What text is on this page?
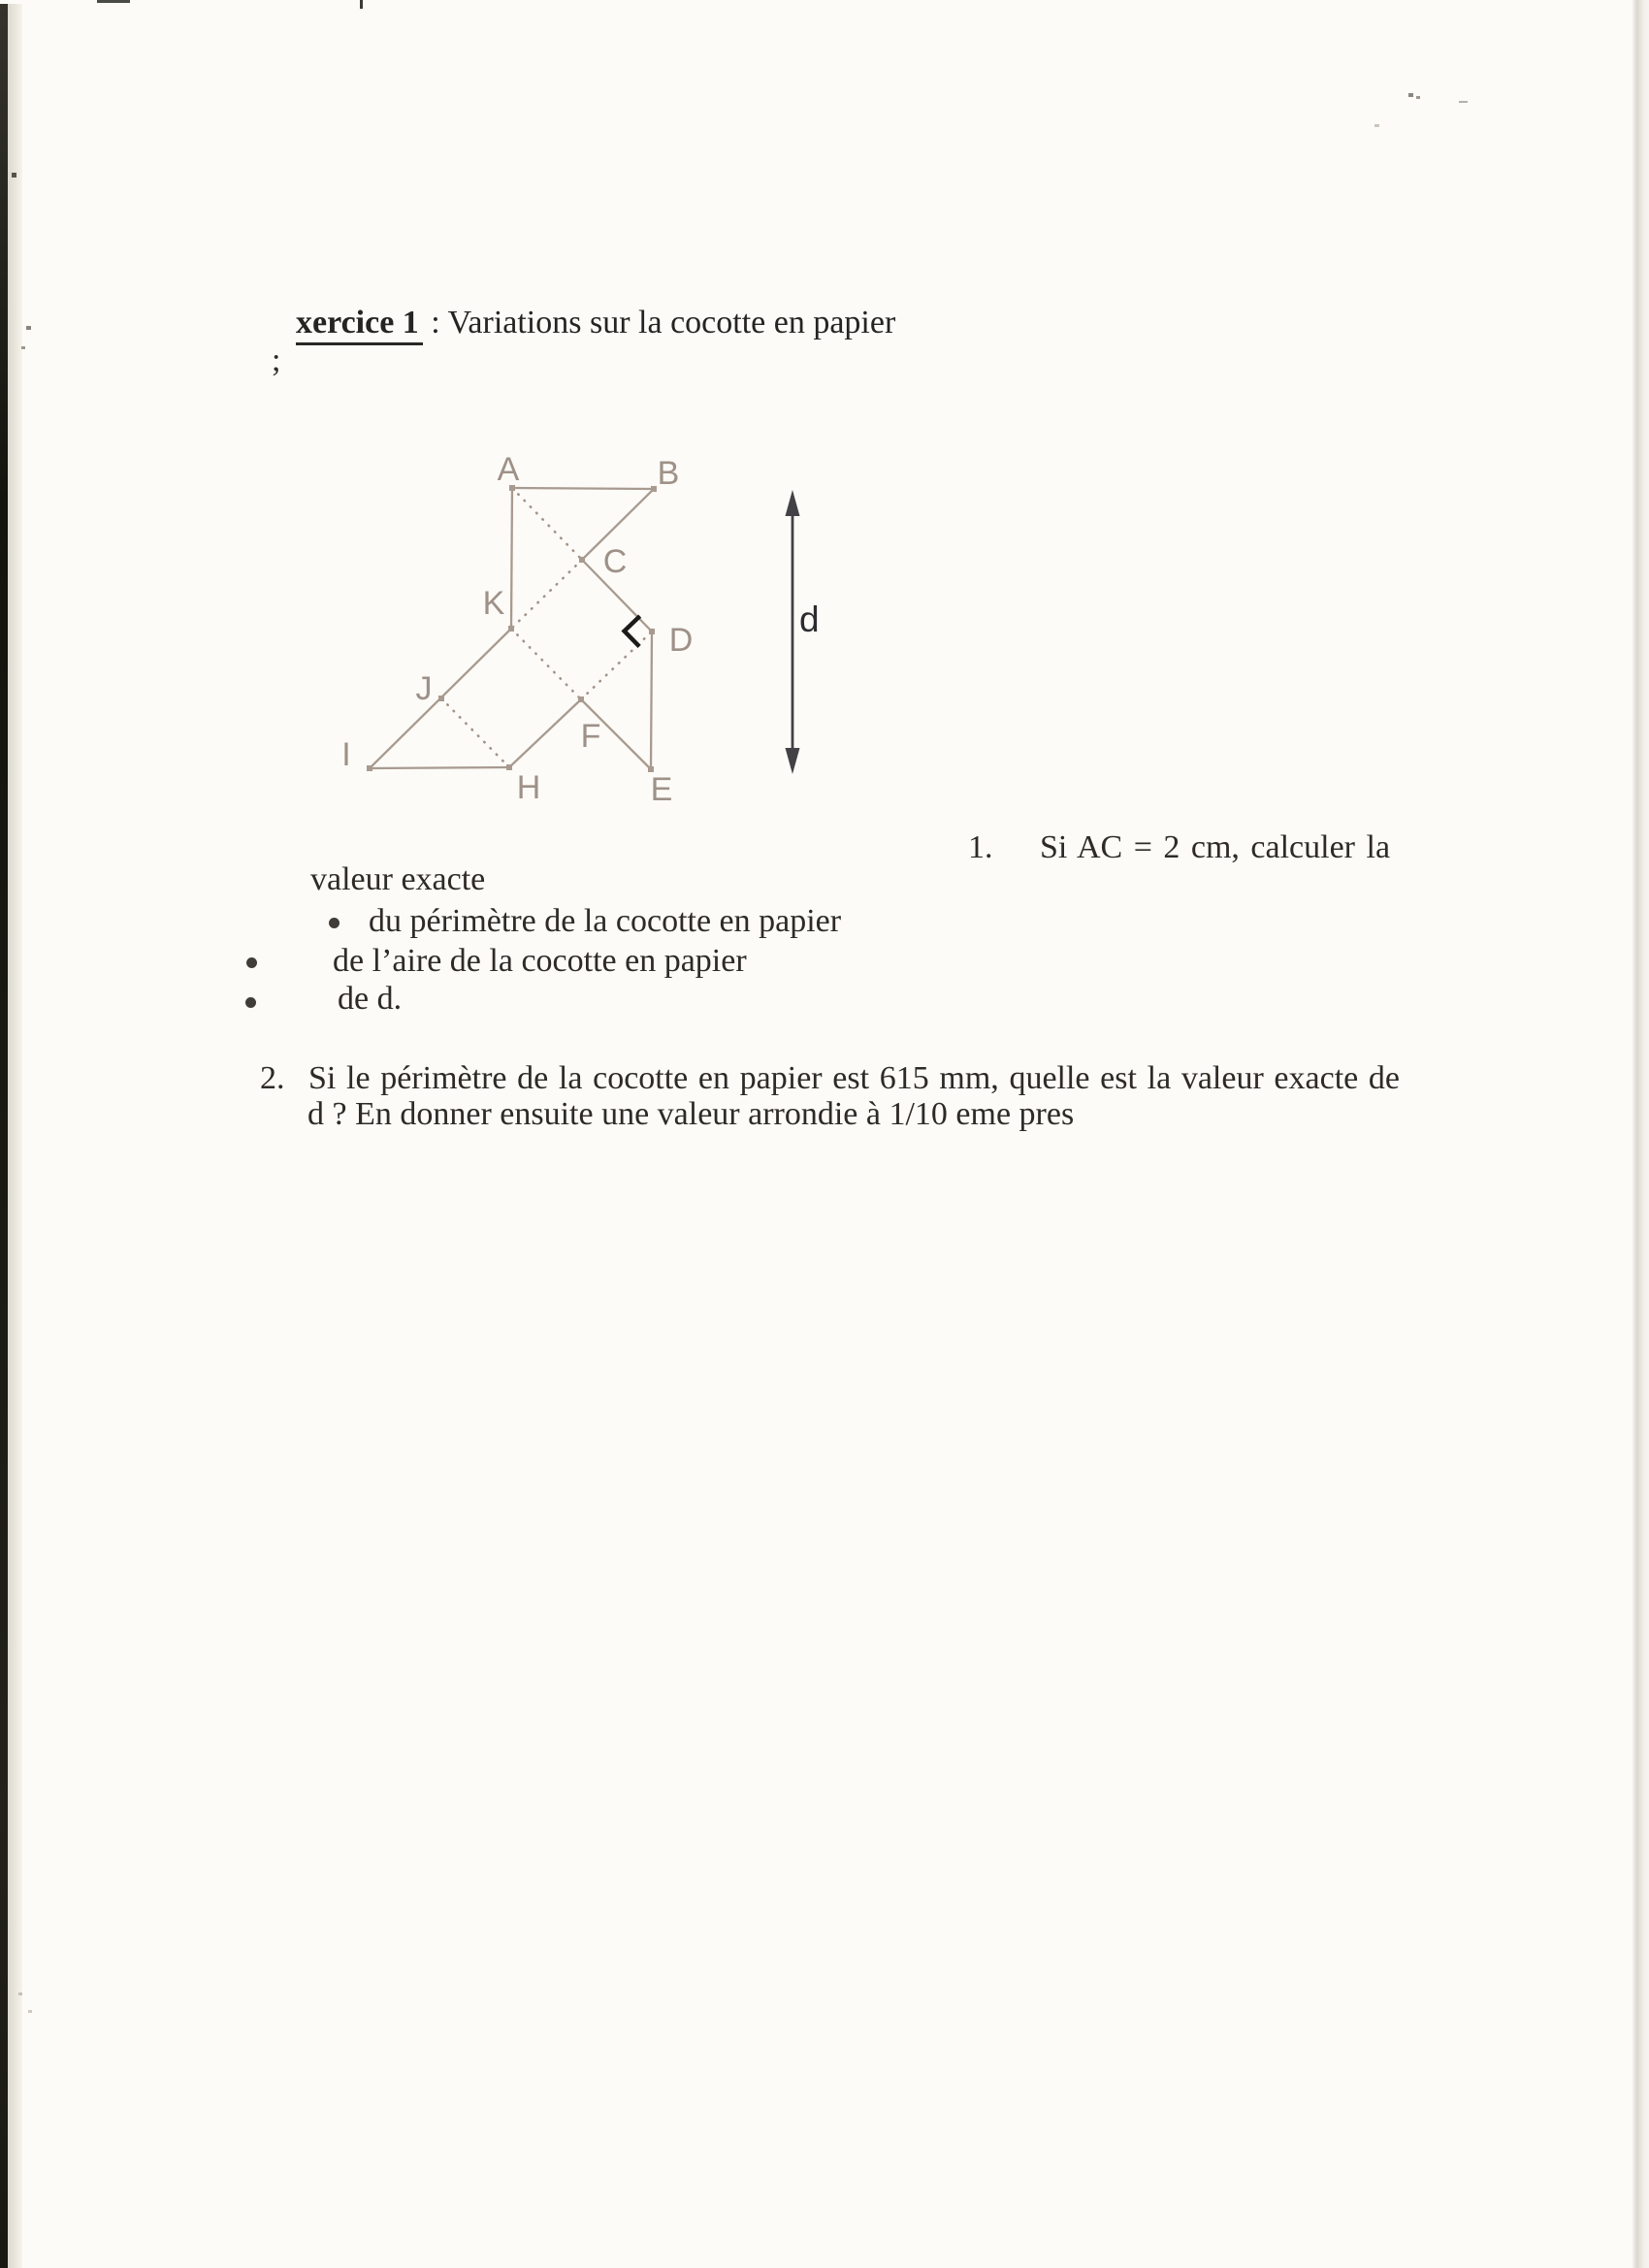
xercice 1 : Variations sur la cocotte en papier

;
A	B
C
K
D
J
F
I
H	E
d
1. Si AC = 2 cm, calculer la
valeur exacte
du périmètre de la cocotte en papier
de l’aire de la cocotte en papier
de d.
2. Si le périmètre de la cocotte en papier est 615 mm, quelle est la valeur exacte de
d ? En donner ensuite une valeur arrondie à 1/10 eme pres
